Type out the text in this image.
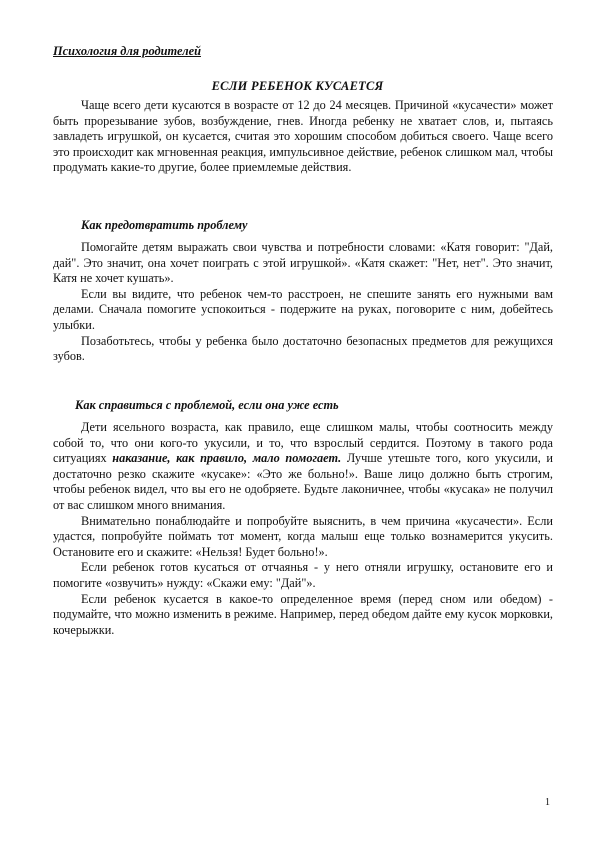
Психология для родителей
ЕСЛИ РЕБЕНОК КУСАЕТСЯ

Чаще всего дети кусаются в возрасте от 12 до 24 месяцев. Причиной «кусачести» может быть прорезывание зубов, возбуждение, гнев. Иногда ребенку не хватает слов, и, пытаясь завладеть игрушкой, он кусается, считая это хорошим способом добиться своего. Чаще всего это происходит как мгновенная реакция, импульсивное действие, ребенок слишком мал, чтобы продумать какие-то другие, более приемлемые действия.

Как предотвратить проблему

Помогайте детям выражать свои чувства и потребности словами: «Катя говорит: "Дай, дай". Это значит, она хочет поиграть с этой игрушкой». «Катя скажет: "Нет, нет". Это значит, Катя не хочет кушать».

Если вы видите, что ребенок чем-то расстроен, не спешите занять его нужными вам делами. Сначала помогите успокоиться - подержите на руках, поговорите с ним, добейтесь улыбки.

Позаботьтесь, чтобы у ребенка было достаточно безопасных предметов для режущихся зубов.

Как справиться с проблемой, если она уже есть

Дети ясельного возраста, как правило, еще слишком малы, чтобы соотносить между собой то, что они кого-то укусили, и то, что взрослый сердится. Поэтому в такого рода ситуациях наказание, как правило, мало помогает. Лучше утешьте того, кого укусили, и достаточно резко скажите «кусаке»: «Это же больно!». Ваше лицо должно быть строгим, чтобы ребенок видел, что вы его не одобряете. Будьте лаконичнее, чтобы «кусака» не получил от вас слишком много внимания.

Внимательно понаблюдайте и попробуйте выяснить, в чем причина «кусачести». Если удастся, попробуйте поймать тот момент, когда малыш еще только вознамерится укусить. Остановите его и скажите: «Нельзя! Будет больно!».

Если ребенок готов кусаться от отчаянья - у него отняли игрушку, остановите его и помогите «озвучить» нужду: «Скажи ему: "Дай"».

Если ребенок кусается в какое-то определенное время (перед сном или обедом) - подумайте, что можно изменить в режиме. Например, перед обедом дайте ему кусок морковки, кочерыжки.

1
